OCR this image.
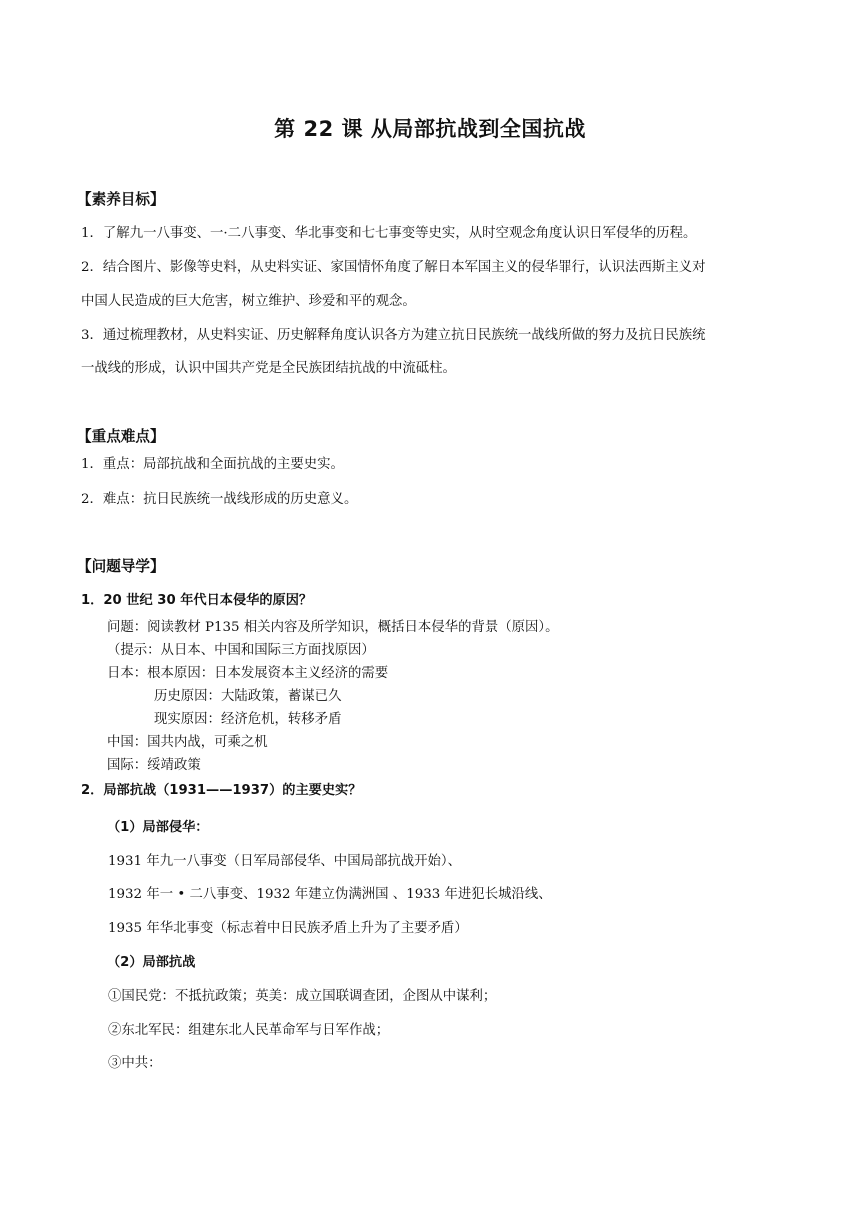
第 22 课 从局部抗战到全国抗战

【素养目标】

1．了解九一八事变、一·二八事变、华北事变和七七事变等史实，从时空观念角度认识日军侵华的历程。

2．结合图片、影像等史料，从史料实证、家国情怀角度了解日本军国主义的侵华罪行，认识法西斯主义对

中国人民造成的巨大危害，树立维护、珍爱和平的观念。

3．通过梳理教材，从史料实证、历史解释角度认识各方为建立抗日民族统一战线所做的努力及抗日民族统

一战线的形成，认识中国共产党是全民族团结抗战的中流砥柱。

【重点难点】

1．重点：局部抗战和全面抗战的主要史实。

2．难点：抗日民族统一战线形成的历史意义。

【问题导学】

1．20 世纪 30 年代日本侵华的原因？

问题：阅读教材 P135 相关内容及所学知识，概括日本侵华的背景（原因）。

（提示：从日本、中国和国际三方面找原因）

日本：根本原因：日本发展资本主义经济的需要

历史原因：大陆政策，蓄谋已久

现实原因：经济危机，转移矛盾

中国：国共内战，可乘之机

国际：绥靖政策

2．局部抗战（1931——1937）的主要史实？

（1）局部侵华：

1931 年九一八事变（日军局部侵华、中国局部抗战开始）、

1932 年一 • 二八事变、1932 年建立伪满洲国 、1933 年进犯长城沿线、

1935 年华北事变（标志着中日民族矛盾上升为了主要矛盾）

（2）局部抗战

①国民党：不抵抗政策；英美：成立国联调查团，企图从中谋利；

②东北军民：组建东北人民革命军与日军作战；

③中共：
